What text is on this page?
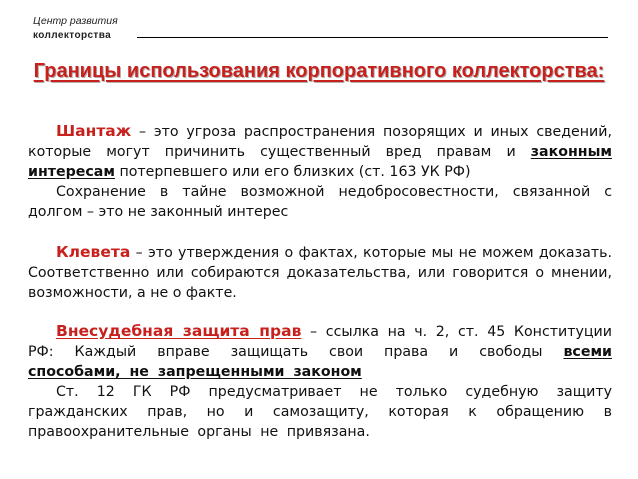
Центр развития
коллекторства
Границы использования корпоративного коллекторства:

Шантаж – это угроза распространения позорящих и иных сведений, которые могут причинить существенный вред правам и законным интересам потерпевшего или его близких (ст. 163 УК РФ)

Сохранение в тайне возможной недобросовестности, связанной с долгом – это не законный интерес

Клевета – это утверждения о фактах, которые мы не можем доказать. Соответственно или собираются доказательства, или говорится о мнении, возможности, а не о факте.

Внесудебная защита прав – ссылка на ч. 2, ст. 45 Конституции РФ: Каждый вправе защищать свои права и свободы всеми способами, не запрещенными законом

Ст. 12 ГК РФ предусматривает не только судебную защиту гражданских прав, но и самозащиту, которая к обращению в правоохранительные органы не привязана.
